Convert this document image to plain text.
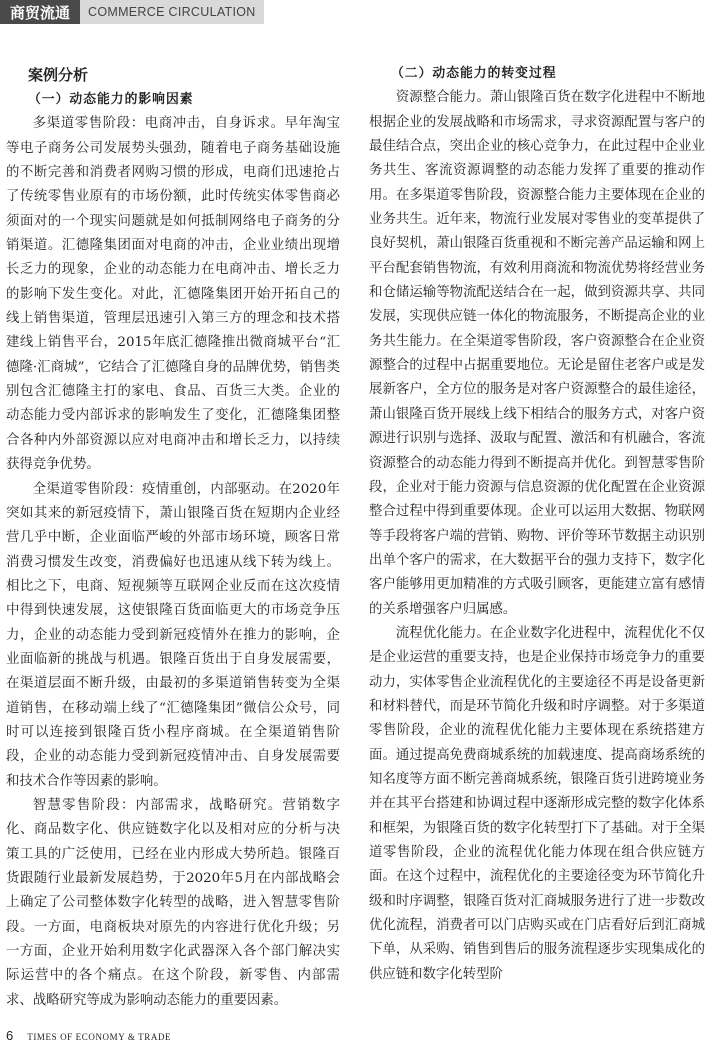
商贸流通	COMMERCE CIRCULATION
案例分析
（一）动态能力的影响因素

多渠道零售阶段：电商冲击，自身诉求。早年淘宝等电子商务公司发展势头强劲，随着电子商务基础设施的不断完善和消费者网购习惯的形成，电商们迅速抢占了传统零售业原有的市场份额，此时传统实体零售商必须面对的一个现实问题就是如何抵制网络电子商务的分销渠道。汇德隆集团面对电商的冲击，企业业绩出现增长乏力的现象，企业的动态能力在电商冲击、增长乏力的影响下发生变化。对此，汇德隆集团开始开拓自己的线上销售渠道，管理层迅速引入第三方的理念和技术搭建线上销售平台，2015年底汇德隆推出微商城平台“汇德隆·汇商城”，它结合了汇德隆自身的品牌优势，销售类别包含汇德隆主打的家电、食品、百货三大类。企业的动态能力受内部诉求的影响发生了变化，汇德隆集团整合各种内外部资源以应对电商冲击和增长乏力，以持续获得竞争优势。

全渠道零售阶段：疫情重创，内部驱动。在2020年突如其来的新冠疫情下，萧山银隆百货在短期内企业经营几乎中断，企业面临严峻的外部市场环境，顾客日常消费习惯发生改变，消费偏好也迅速从线下转为线上。相比之下，电商、短视频等互联网企业反而在这次疫情中得到快速发展，这使银隆百货面临更大的市场竞争压力，企业的动态能力受到新冠疫情外在推力的影响，企业面临新的挑战与机遇。银隆百货出于自身发展需要，在渠道层面不断升级，由最初的多渠道销售转变为全渠道销售，在移动端上线了“汇德隆集团”微信公众号，同时可以连接到银隆百货小程序商城。在全渠道销售阶段，企业的动态能力受到新冠疫情冲击、自身发展需要和技术合作等因素的影响。

智慧零售阶段：内部需求，战略研究。营销数字化、商品数字化、供应链数字化以及相对应的分析与决策工具的广泛使用，已经在业内形成大势所趋。银隆百货跟随行业最新发展趋势，于2020年5月在内部战略会上确定了公司整体数字化转型的战略，进入智慧零售阶段。一方面，电商板块对原先的内容进行优化升级；另一方面，企业开始利用数字化武器深入各个部门解决实际运营中的各个痛点。在这个阶段，新零售、内部需求、战略研究等成为影响动态能力的重要因素。

（二）动态能力的转变过程

资源整合能力。萧山银隆百货在数字化进程中不断地根据企业的发展战略和市场需求，寻求资源配置与客户的最佳结合点，突出企业的核心竞争力，在此过程中企业业务共生、客流资源调整的动态能力发挥了重要的推动作用。在多渠道零售阶段，资源整合能力主要体现在企业的业务共生。近年来，物流行业发展对零售业的变革提供了良好契机，萧山银隆百货重视和不断完善产品运输和网上平台配套销售物流，有效利用商流和物流优势将经营业务和仓储运输等物流配送结合在一起，做到资源共享、共同发展，实现供应链一体化的物流服务，不断提高企业的业务共生能力。在全渠道零售阶段，客户资源整合在企业资源整合的过程中占据重要地位。无论是留住老客户或是发展新客户，全方位的服务是对客户资源整合的最佳途径，萧山银隆百货开展线上线下相结合的服务方式，对客户资源进行识别与选择、汲取与配置、激活和有机融合，客流资源整合的动态能力得到不断提高并优化。到智慧零售阶段，企业对于能力资源与信息资源的优化配置在企业资源整合过程中得到重要体现。企业可以运用大数据、物联网等手段将客户端的营销、购物、评价等环节数据主动识别出单个客户的需求，在大数据平台的强力支持下，数字化客户能够用更加精准的方式吸引顾客，更能建立富有感情的关系增强客户归属感。

流程优化能力。在企业数字化进程中，流程优化不仅是企业运营的重要支持，也是企业保持市场竞争力的重要动力，实体零售企业流程优化的主要途径不再是设备更新和材料替代，而是环节简化升级和时序调整。对于多渠道零售阶段，企业的流程优化能力主要体现在系统搭建方面。通过提高免费商城系统的加载速度、提高商场系统的知名度等方面不断完善商城系统，银隆百货引进跨境业务并在其平台搭建和协调过程中逐渐形成完整的数字化体系和框架，为银隆百货的数字化转型打下了基础。对于全渠道零售阶段，企业的流程优化能力体现在组合供应链方面。在这个过程中，流程优化的主要途径变为环节简化升级和时序调整，银隆百货对汇商城服务进行了进一步数改优化流程，消费者可以门店购买或在门店看好后到汇商城下单，从采购、销售到售后的服务流程逐步实现集成化的供应链和数字化转型阶

6 TIMES OF ECONOMY & TRADE
